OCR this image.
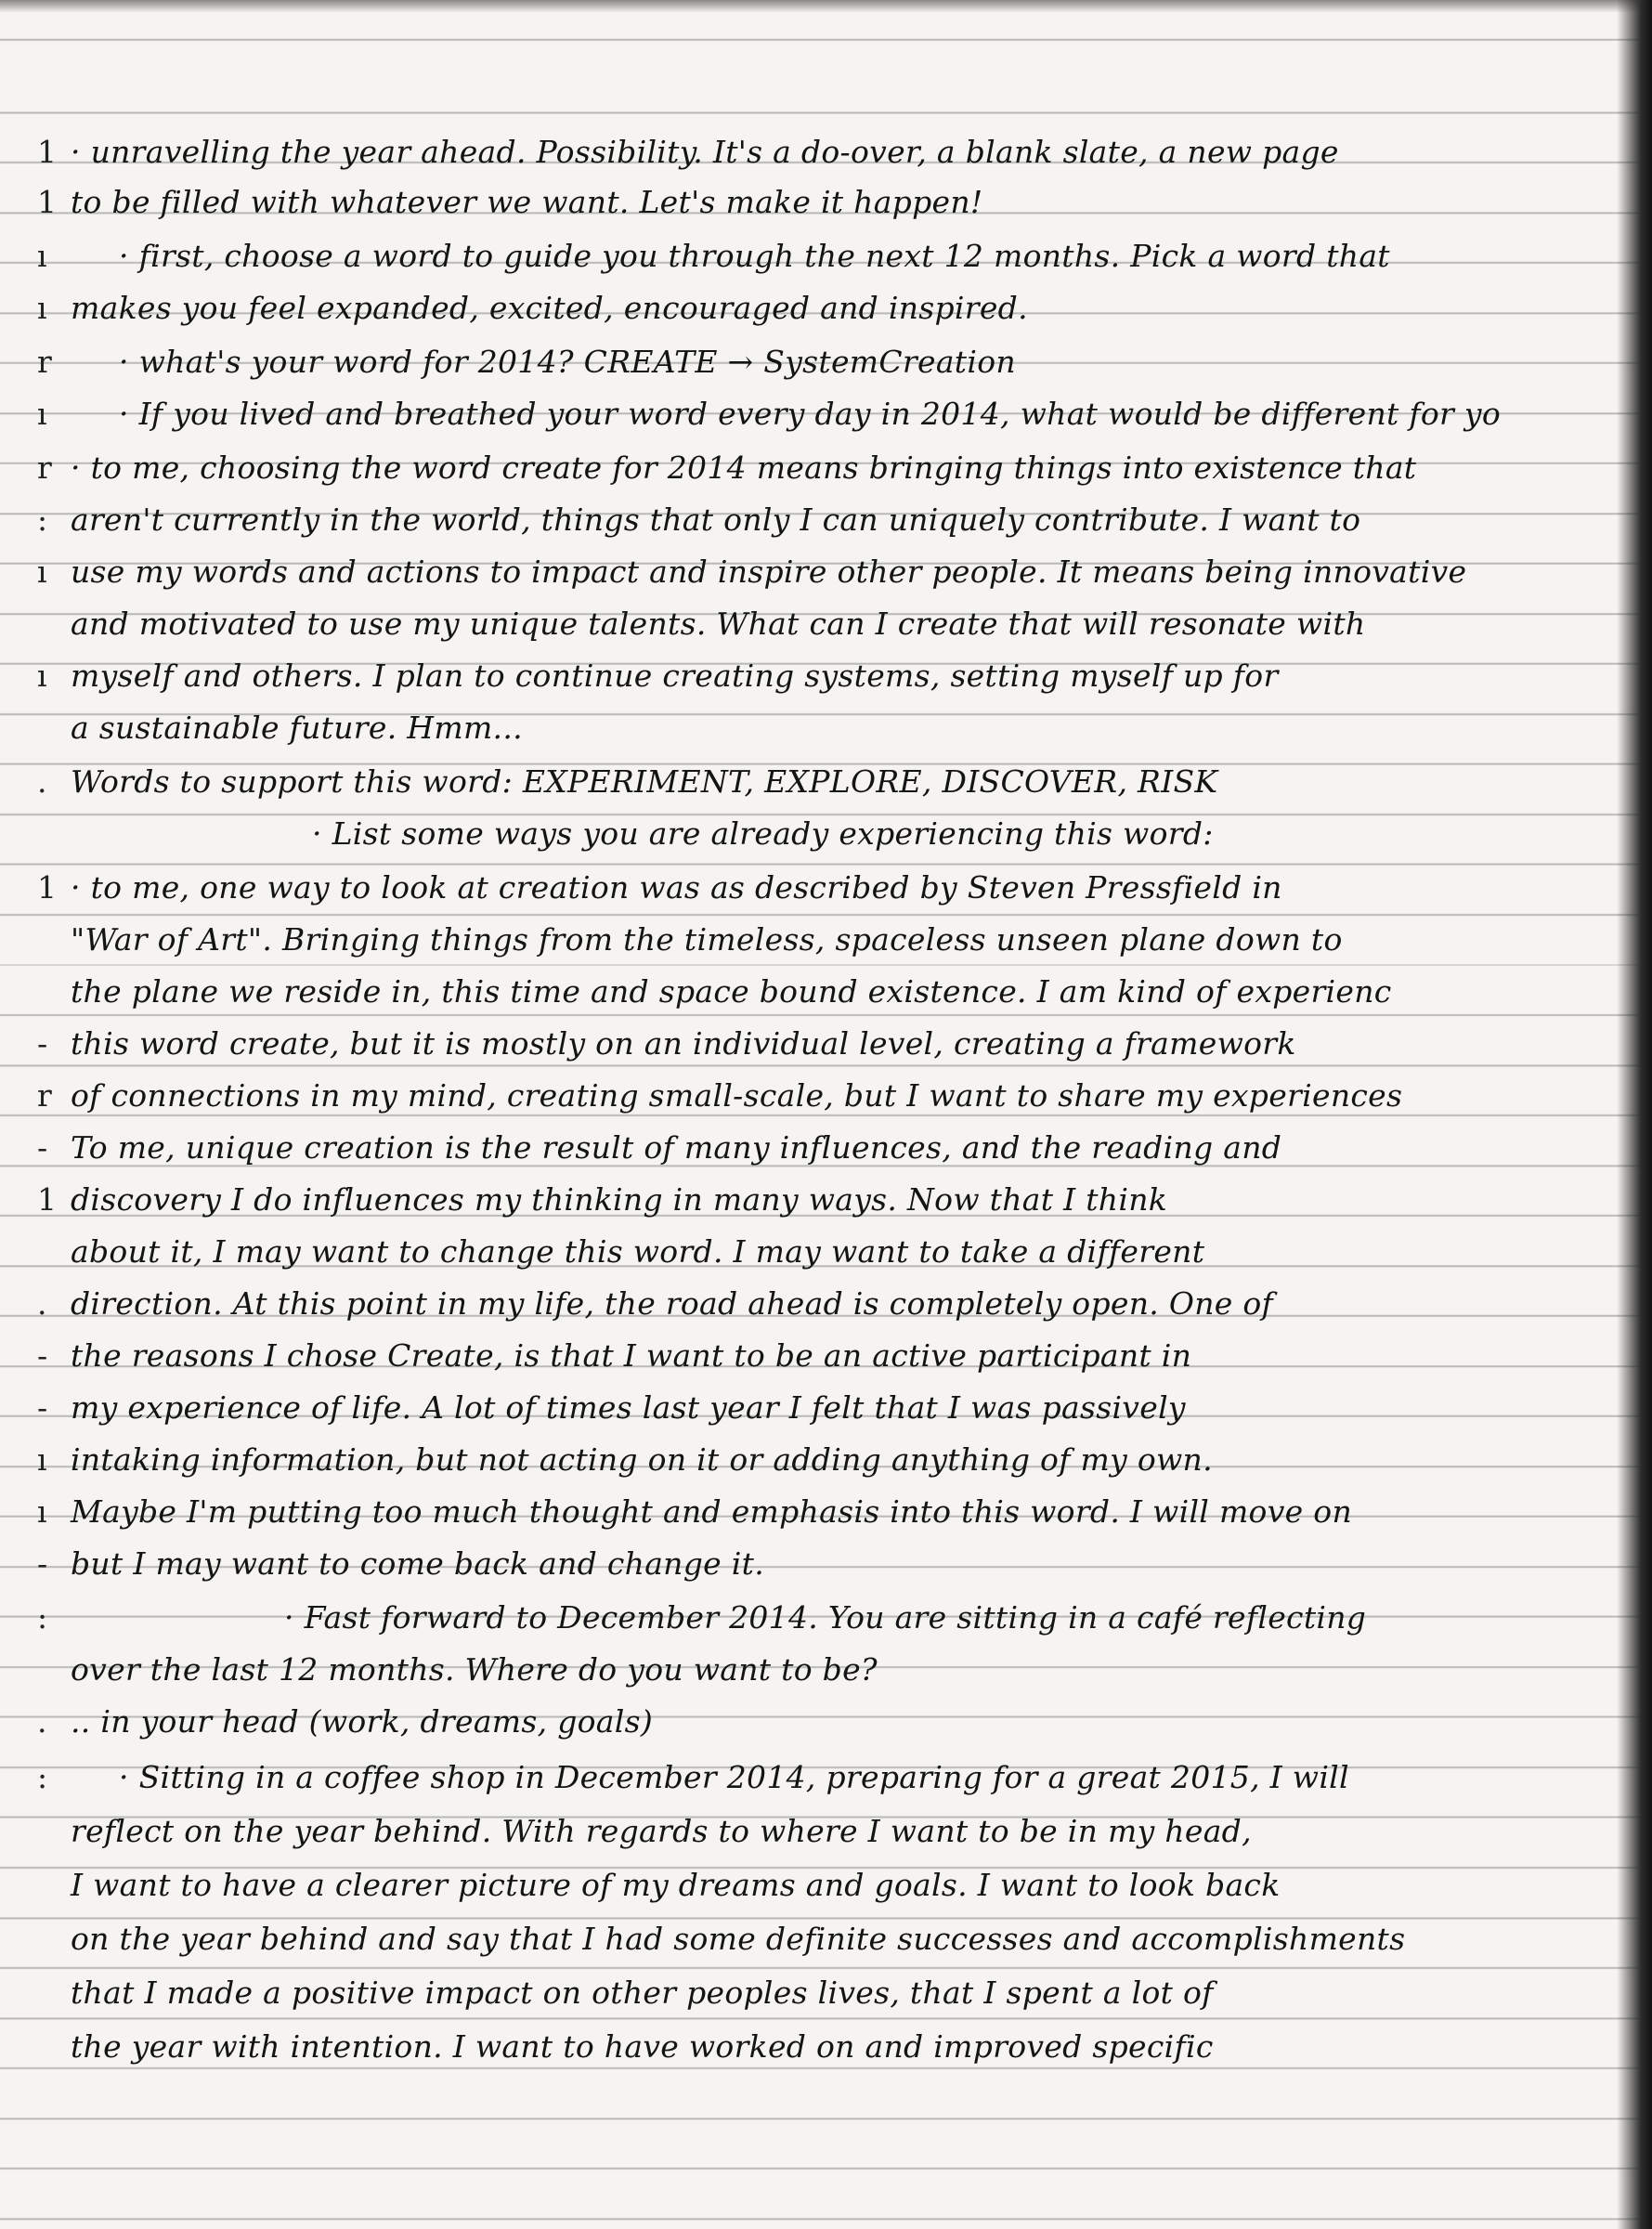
1 · unravelling the year ahead. Possibility. It's a do-over, a blank slate, a new page
1 to be filled with whatever we want. Let's make it happen!
ı · first, choose a word to guide you through the next 12 months. Pick a word that
ı makes you feel expanded, excited, encouraged and inspired.
r · what's your word for 2014? CREATE → SystemCreation
ı · If you lived and breathed your word every day in 2014, what would be different for yo
r · to me, choosing the word create for 2014 means bringing things into existence that
: aren't currently in the world, things that only I can uniquely contribute. I want to
ı use my words and actions to impact and inspire other people. It means being innovative
and motivated to use my unique talents. What can I create that will resonate with
ı myself and others. I plan to continue creating systems, setting myself up for
a sustainable future. Hmm...
. Words to support this word: EXPERIMENT, EXPLORE, DISCOVER, RISK
· List some ways you are already experiencing this word:
1 · to me, one way to look at creation was as described by Steven Pressfield in
"War of Art". Bringing things from the timeless, spaceless unseen plane down to
the plane we reside in, this time and space bound existence. I am kind of experienc
- this word create, but it is mostly on an individual level, creating a framework
r of connections in my mind, creating small-scale, but I want to share my experiences
- To me, unique creation is the result of many influences, and the reading and
1 discovery I do influences my thinking in many ways. Now that I think
about it, I may want to change this word. I may want to take a different
. direction. At this point in my life, the road ahead is completely open. One of
- the reasons I chose Create, is that I want to be an active participant in
- my experience of life. A lot of times last year I felt that I was passively
ı intaking information, but not acting on it or adding anything of my own.
ı Maybe I'm putting too much thought and emphasis into this word. I will move on
- but I may want to come back and change it.
:	· Fast forward to December 2014. You are sitting in a café reflecting
over the last 12 months. Where do you want to be?
. .. in your head (work, dreams, goals)
: · Sitting in a coffee shop in December 2014, preparing for a great 2015, I will
reflect on the year behind. With regards to where I want to be in my head,
I want to have a clearer picture of my dreams and goals. I want to look back
on the year behind and say that I had some definite successes and accomplishments
that I made a positive impact on other peoples lives, that I spent a lot of
the year with intention. I want to have worked on and improved specific
